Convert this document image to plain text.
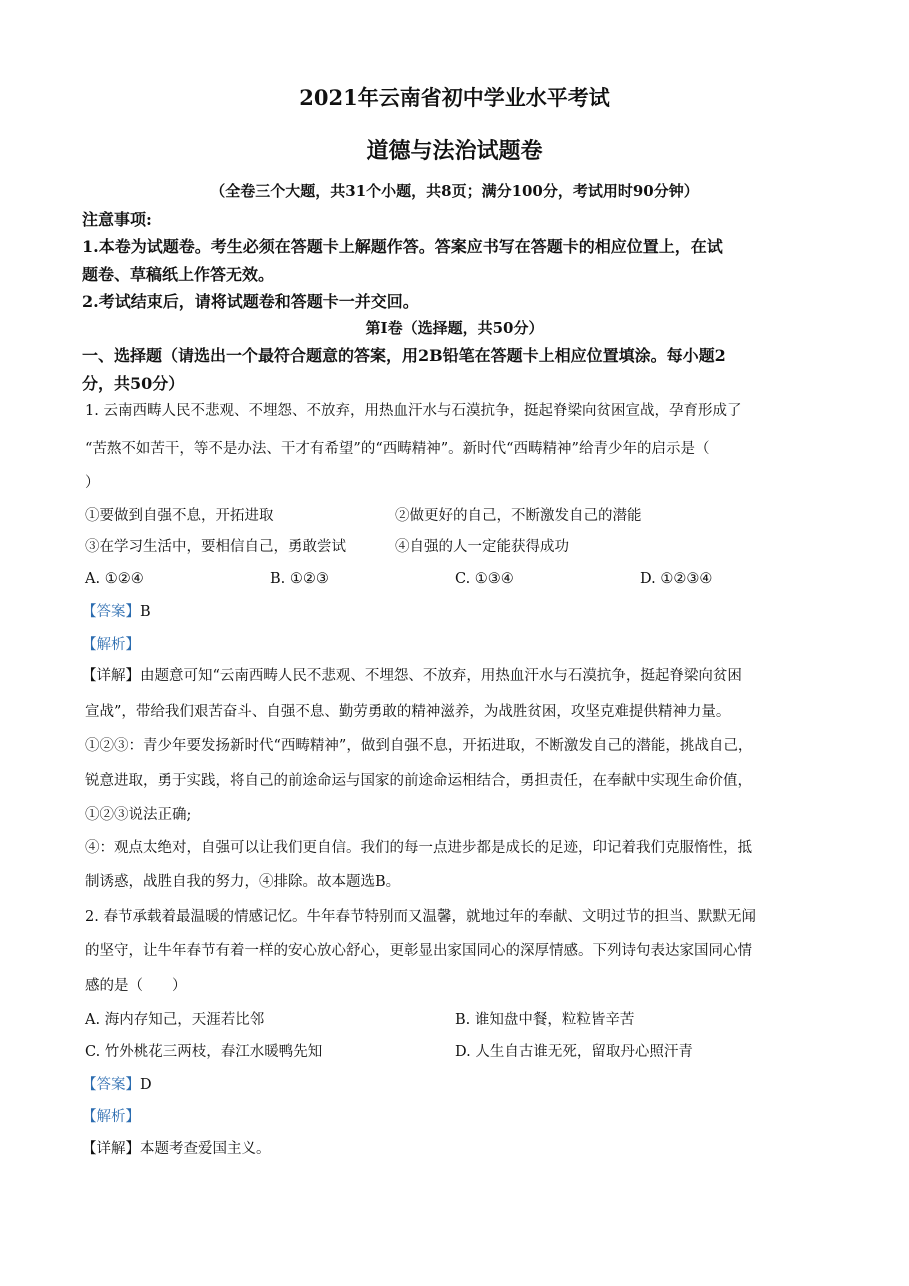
2021年云南省初中学业水平考试
道德与法治试题卷
（全卷三个大题，共31个小题，共8页；满分100分，考试用时90分钟）
注意事项:
1.本卷为试题卷。考生必须在答题卡上解题作答。答案应书写在答题卡的相应位置上，在试
题卷、草稿纸上作答无效。
2.考试结束后，请将试题卷和答题卡一并交回。
第Ⅰ卷（选择题，共50分）
一、选择题（请选出一个最符合题意的答案，用2B铅笔在答题卡上相应位置填涂。每小题2
分，共50分）
1. 云南西畴人民不悲观、不埋怨、不放弃，用热血汗水与石漠抗争，挺起脊梁向贫困宣战，孕育形成了
“苦熬不如苦干，等不是办法、干才有希望”的“西畴精神”。新时代“西畴精神”给青少年的启示是（
）
①要做到自强不息，开拓进取	②做更好的自己，不断激发自己的潜能
③在学习生活中，要相信自己，勇敢尝试	④自强的人一定能获得成功
A. ①②④	B. ①②③	C. ①③④	D. ①②③④
【答案】B
【解析】
【详解】由题意可知“云南西畴人民不悲观、不埋怨、不放弃，用热血汗水与石漠抗争，挺起脊梁向贫困
宣战”，带给我们艰苦奋斗、自强不息、勤劳勇敢的精神滋养，为战胜贫困，攻坚克难提供精神力量。
①②③：青少年要发扬新时代“西畴精神”，做到自强不息，开拓进取，不断激发自己的潜能，挑战自己，
锐意进取，勇于实践，将自己的前途命运与国家的前途命运相结合，勇担责任，在奉献中实现生命价值，
①②③说法正确;
④：观点太绝对，自强可以让我们更自信。我们的每一点进步都是成长的足迹，印记着我们克服惰性，抵
制诱惑，战胜自我的努力，④排除。故本题选B。
2. 春节承载着最温暖的情感记忆。牛年春节特别而又温馨，就地过年的奉献、文明过节的担当、默默无闻
的坚守，让牛年春节有着一样的安心放心舒心，更彰显出家国同心的深厚情感。下列诗句表达家国同心情
感的是（　　）
A. 海内存知己，天涯若比邻	B. 谁知盘中餐，粒粒皆辛苦
C. 竹外桃花三两枝，春江水暖鸭先知	D. 人生自古谁无死，留取丹心照汗青
【答案】D
【解析】
【详解】本题考查爱国主义。
